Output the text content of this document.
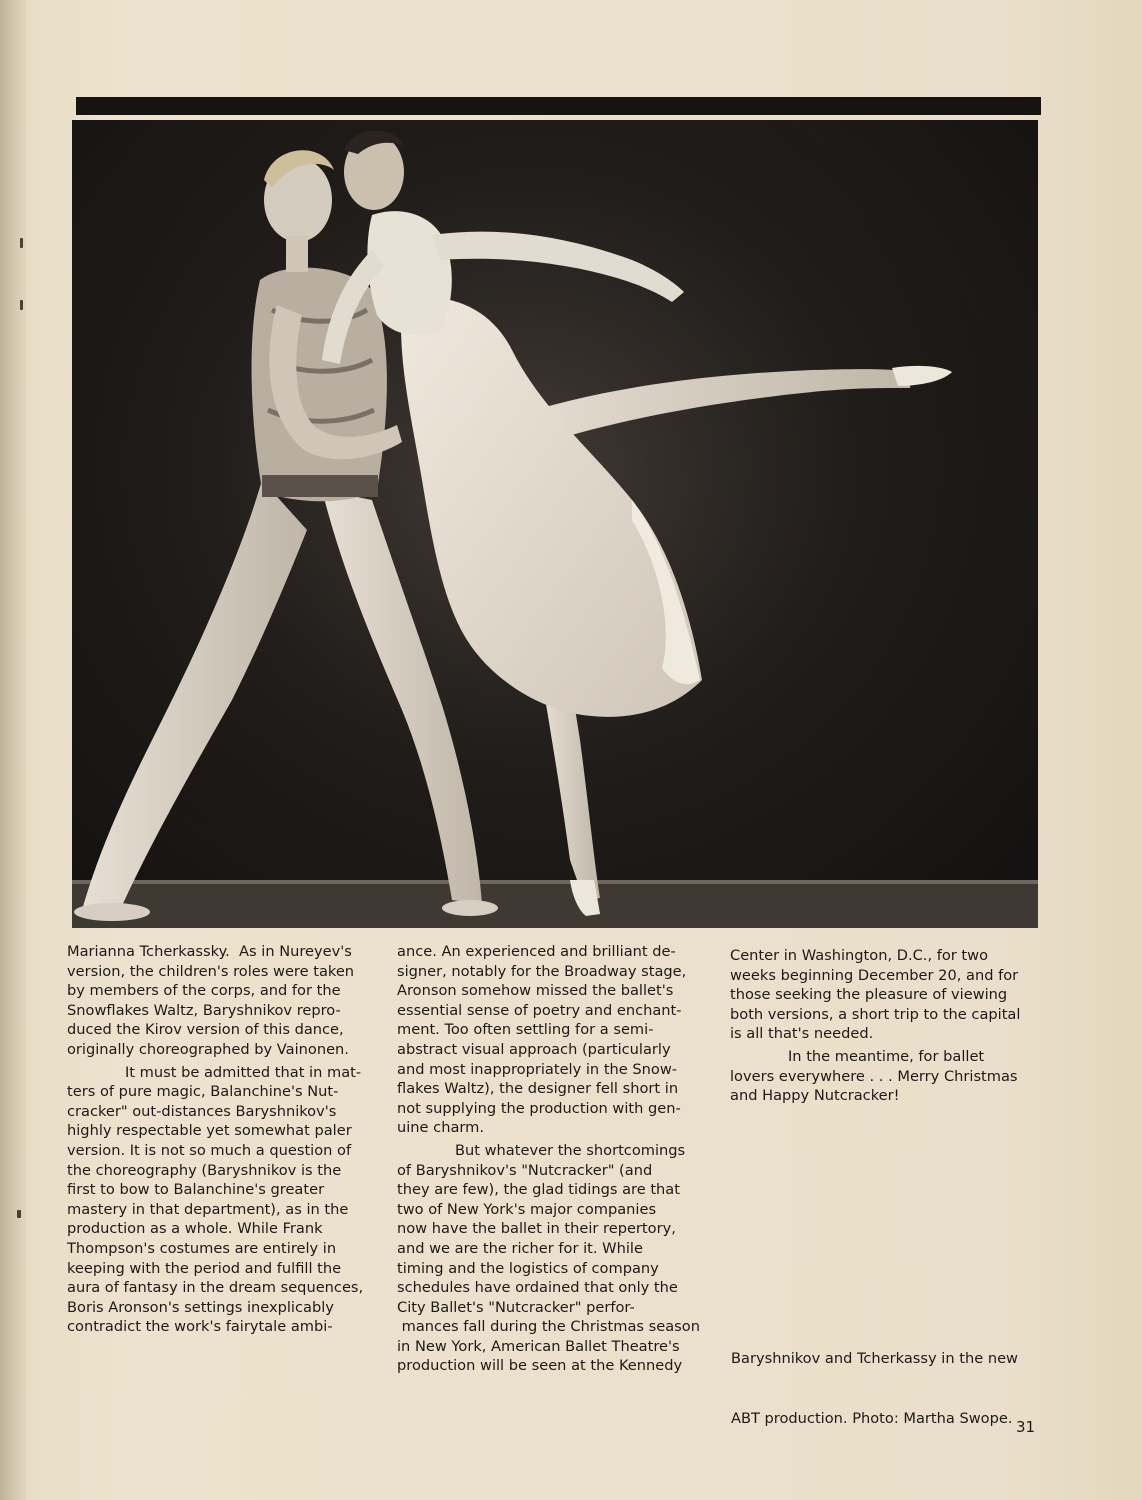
Marianna Tcherkassky.  As in Nureyev's

version, the children's roles were taken

by members of the corps, and for the

Snowflakes Waltz, Baryshnikov repro-

duced the Kirov version of this dance,

originally choreographed by Vainonen.

It must be admitted that in mat-

ters of pure magic, Balanchine's Nut-

cracker" out-distances Baryshnikov's

highly respectable yet somewhat paler

version. It is not so much a question of

the choreography (Baryshnikov is the

first to bow to Balanchine's greater

mastery in that department), as in the

production as a whole. While Frank

Thompson's costumes are entirely in

keeping with the period and fulfill the

aura of fantasy in the dream sequences,

Boris Aronson's settings inexplicably

contradict the work's fairytale ambi-

ance. An experienced and brilliant de-

signer, notably for the Broadway stage,

Aronson somehow missed the ballet's

essential sense of poetry and enchant-

ment. Too often settling for a semi-

abstract visual approach (particularly

and most inappropriately in the Snow-

flakes Waltz), the designer fell short in

not supplying the production with gen-

uine charm.

But whatever the shortcomings

of Baryshnikov's "Nutcracker" (and

they are few), the glad tidings are that

two of New York's major companies

now have the ballet in their repertory,

and we are the richer for it. While

timing and the logistics of company

schedules have ordained that only the

City Ballet's "Nutcracker" perfor-

mances fall during the Christmas season

in New York, American Ballet Theatre's

production will be seen at the Kennedy

Center in Washington, D.C., for two

weeks beginning December 20, and for

those seeking the pleasure of viewing

both versions, a short trip to the capital

is all that's needed.

In the meantime, for ballet

lovers everywhere . . . Merry Christmas

and Happy Nutcracker!

Baryshnikov and Tcherkassy in the new

ABT production. Photo: Martha Swope.

31
